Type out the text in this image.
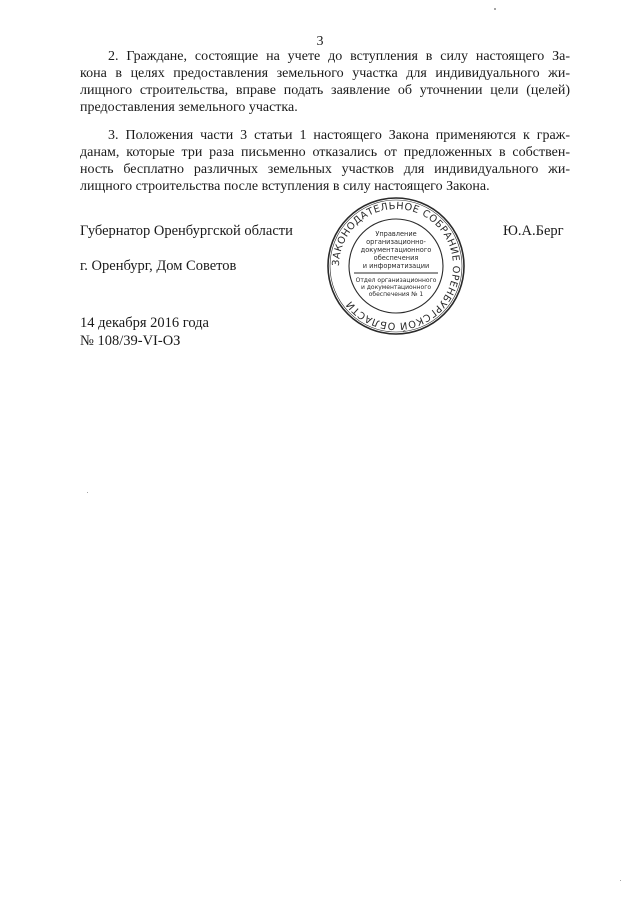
3
2. Граждане, состоящие на учете до вступления в силу настоящего За-
кона в целях предоставления земельного участка для индивидуального жи-
лищного строительства, вправе подать заявление об уточнении цели (целей)
предоставления земельного участка.
3. Положения части 3 статьи 1 настоящего Закона применяются к граж-
данам, которые три раза письменно отказались от предложенных в собствен-
ность бесплатно различных земельных участков для индивидуального жи-
лищного строительства после вступления в силу настоящего Закона.
Губернатор Оренбургской области	Ю.А.Берг
г. Оренбург, Дом Советов
14 декабря 2016 года
№ 108/39-VI-ОЗ
ЗАКОНОДАТЕЛЬНОЕ СОБРАНИЕ ОРЕНБУРГСКОЙ ОБЛАСТИ
Управление
организационно-
документационного
обеспечения
и информатизации
Отдел организационного
и документационного
обеспечения № 1
